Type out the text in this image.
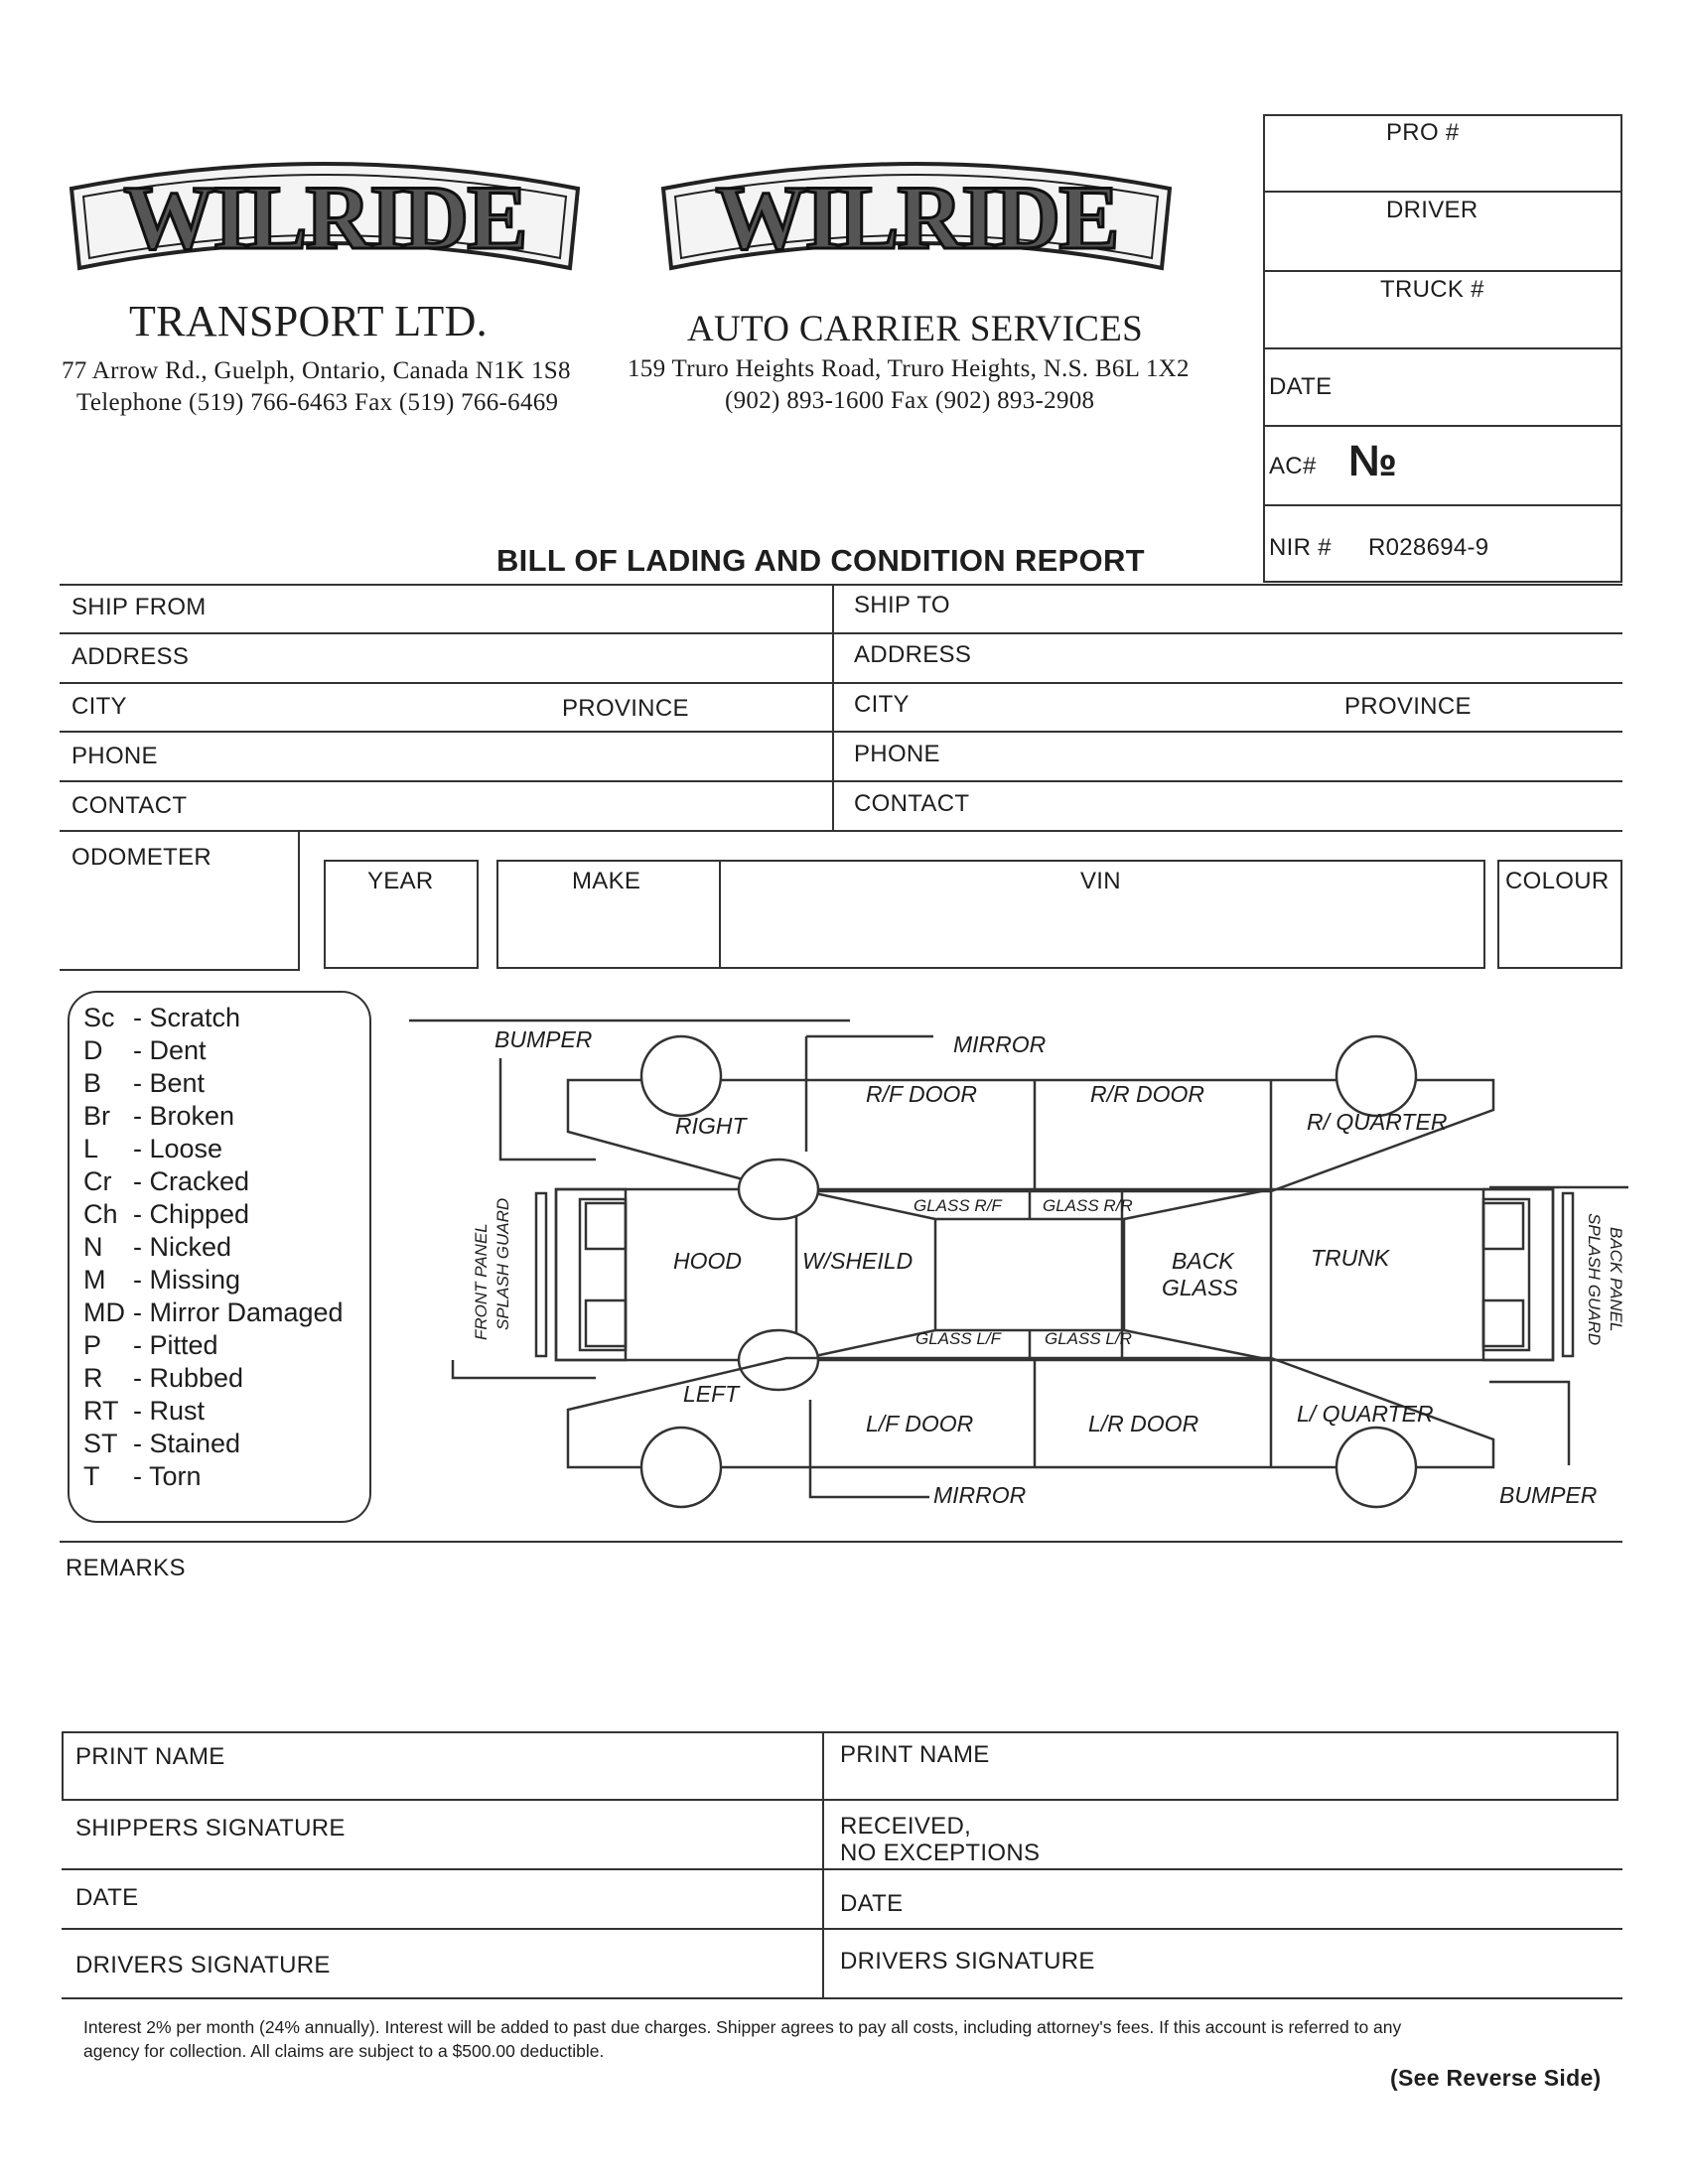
WILRIDE
TRANSPORT LTD.
77 Arrow Rd., Guelph, Ontario, Canada N1K 1S8
Telephone (519) 766-6463 Fax (519) 766-6469
WILRIDE
AUTO CARRIER SERVICES
159 Truro Heights Road, Truro Heights, N.S. B6L 1X2
(902) 893-1600 Fax (902) 893-2908
PRO #
DRIVER
TRUCK #
DATE
AC# №
NIR # R028694-9
BILL OF LADING AND CONDITION REPORT
SHIP FROM
ADDRESS
CITY	PROVINCE
PHONE
CONTACT
SHIP TO
ADDRESS
CITY	PROVINCE
PHONE
CONTACT
ODOMETER
YEAR	MAKE	VIN	COLOUR
Sc - Scratch
D - Dent
B - Bent
Br - Broken
L - Loose
Cr - Cracked
Ch - Chipped
N - Nicked
M - Missing
MD - Mirror Damaged
P - Pitted
R - Rubbed
RT - Rust
ST - Stained
T - Torn
BUMPER	MIRROR
RIGHT
R/F DOOR	R/R DOOR
R/ QUARTER
GLASS R/F GLASS R/R
HOOD	W/SHEILD	BACK
GLASS
TRUNK
GLASS L/F	GLASS L/R
LEFT
L/F DOOR	L/R DOOR	L/ QUARTER
MIRROR	BUMPER
FRONT PANEL SPLASH GUARD	BACK PANEL
SPLASH GUARD
REMARKS
PRINT NAME
SHIPPERS SIGNATURE
DATE
DRIVERS SIGNATURE
PRINT NAME
RECEIVED,
NO EXCEPTIONS
DATE
DRIVERS SIGNATURE
Interest 2% per month (24% annually). Interest will be added to past due charges. Shipper agrees to pay all costs, including attorney's fees. If this account is referred to any
agency for collection. All claims are subject to a $500.00 deductible.
(See Reverse Side)
